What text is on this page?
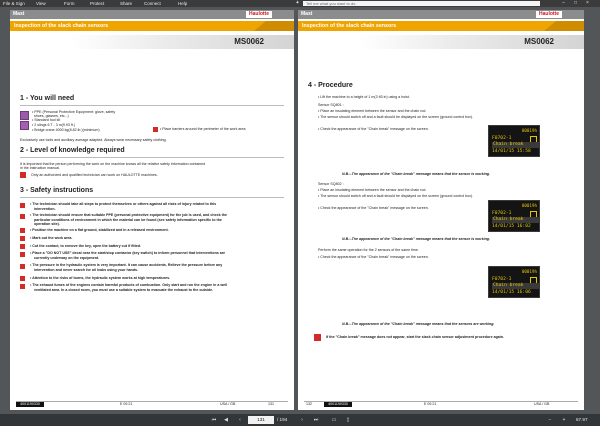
File & Sign View	Form	Protect	Share	Connect	Help	✦	Tell me what you want to do	–	□	×
Mast	Haulotte
Inspection of the slack chain sensors
MS0062
1 - You will need
• PPE (Personal Protective Equipment: glove, safety
shoes, glasses, etc...)
• Standard tool kit
• 2 slings 6 T - 3 m(9.93 ft.)
• Bridge crane 4000 kg(8.82 lb.)(minimum)	• Place barriers around the perimeter of the work area
Exclusively use tools and auxiliary average adapted. Always wear necessary safety clothing.
2 - Level of knowledge required
It is important that the person performing the work on the machine knows all the relative safety information contained
in the instruction manual.
Only an authorized and qualified technician can work on HAULOTTE machines.
3 - Safety instructions
• The technician should take all steps to protect themselves or others against all risks of injury related to this
intervention.
• The technician should ensure that suitable PPE (personal protective equipment) for the job is used, and check the
particular conditions of environment in which the material can be found (see safety information specific to the
operation site).
• Position the machine on a flat ground, stabilized and in a released environment.
• Mark out the work area.
• Cut the contact, to remove the key, open the battery cut if fitted.
• Place a "DO NOT USE" decal near the start/stop contactor (key switch) to inform personnel that interventions are
currently underway on the equipment.
• The pressure in the hydraulic system is very important. It can cause accidents. Relieve the pressure before any
intervention and never search for oil leaks using your hands.
• Attention to the risks of burns, the hydraulic system works at high temperatures.
• The exhaust fumes of the engines contain harmful products of combustion. Only start and run the engine in a well
ventilated area. In a closed room, you must use a suitable system to evacuate the exhaust to the outside.
4001190330	E 09.21	USA / GB	131
Mast	Haulotte
Inspection of the slack chain sensors
MS0062
4 - Procedure
• Lift the machine to a height of 1 m(3 ft3 in) using a hoist.
Sensor SQ801 :
• Place an insulating element between the sensor and the chain rod.
• The sensor should switch off and a fault should be displayed on the screen (ground control box).
• Check the appearance of the "Chain break" message on the screen.	00019h
F0702-1
Chain break
14/01/15 15:58
N.B.:-The appearance of the "Chain break" message means that the sensor is working.
Sensor SQ802 :
• Place an insulating element between the sensor and the chain rod.
• The sensor should switch off and a fault should be displayed on the screen (ground control box).
• Check the appearance of the "Chain break" message on the screen.	00019h
F0702-1
Chain break
14/01/15 16:02
N.B.:-The appearance of the "Chain break" message means that the sensor is working.
Perform the same operation for the 2 sensors of the same time.
• Check the appearance of the "Chain break" message on the screen.
00019h
F0702-1
Chain break
14/01/15 16:06
N.B.:-The appearance of the "Chain break" message means that the sensors are working.
If the "Chain break" message does not appear, start the slack chain sensor adjustment procedure again.
132	4001190330	E 09.21	USA / GB
⏮	◀	‹	131	/ 194	›	⏭	▭	▯	−	+	67.97
